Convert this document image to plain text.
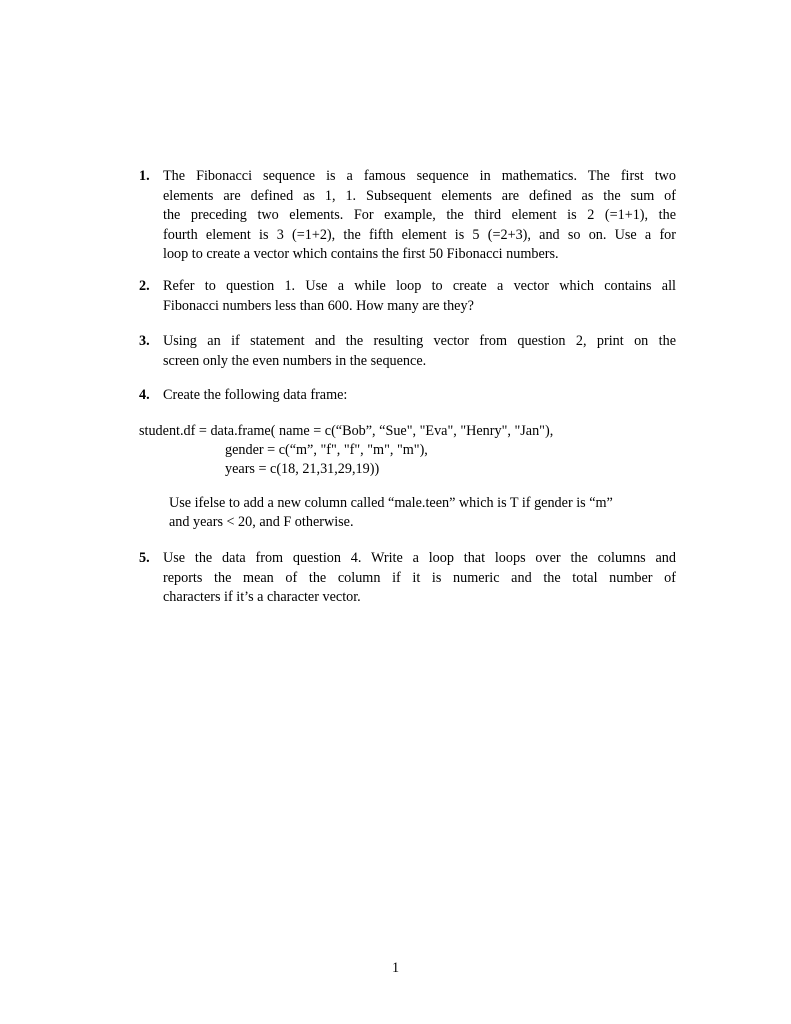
1. The Fibonacci sequence is a famous sequence in mathematics. The first two
elements are defined as 1, 1. Subsequent elements are defined as the sum of
the preceding two elements. For example, the third element is 2 (=1+1), the
fourth element is 3 (=1+2), the fifth element is 5 (=2+3), and so on. Use a for
loop to create a vector which contains the first 50 Fibonacci numbers.
2. Refer to question 1. Use a while loop to create a vector which contains all
Fibonacci numbers less than 600. How many are they?
3. Using an if statement and the resulting vector from question 2, print on the
screen only the even numbers in the sequence.
4. Create the following data frame:
student.df = data.frame( name = c(“Bob”, “Sue", "Eva", "Henry", "Jan"),
gender = c(“m”, "f", "f", "m", "m"),
years = c(18, 21,31,29,19))
Use ifelse to add a new column called “male.teen” which is T if gender is “m”
and years < 20, and F otherwise.
5. Use the data from question 4. Write a loop that loops over the columns and
reports the mean of the column if it is numeric and the total number of
characters if it’s a character vector.
1
